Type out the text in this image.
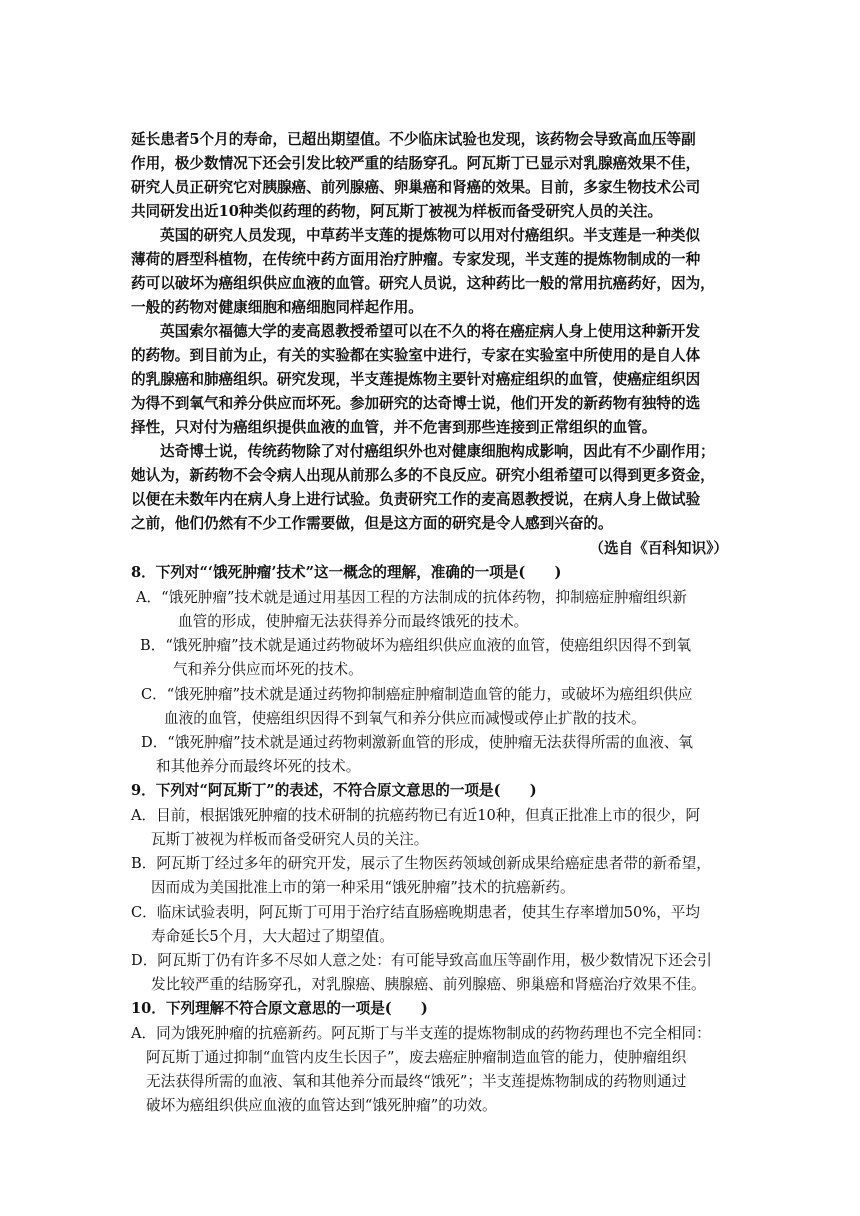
延长患者5个月的寿命，已超出期望值。不少临床试验也发现，该药物会导致高血压等副
作用，极少数情况下还会引发比较严重的结肠穿孔。阿瓦斯丁已显示对乳腺癌效果不佳，
研究人员正研究它对胰腺癌、前列腺癌、卵巢癌和肾癌的效果。目前，多家生物技术公司
共同研发出近10种类似药理的药物，阿瓦斯丁被视为样板而备受研究人员的关注。
英国的研究人员发现，中草药半支莲的提炼物可以用对付癌组织。半支莲是一种类似
薄荷的唇型科植物，在传统中药方面用治疗肿瘤。专家发现，半支莲的提炼物制成的一种
药可以破坏为癌组织供应血液的血管。研究人员说，这种药比一般的常用抗癌药好，因为，
一般的药物对健康细胞和癌细胞同样起作用。
英国索尔福德大学的麦高恩教授希望可以在不久的将在癌症病人身上使用这种新开发
的药物。到目前为止，有关的实验都在实验室中进行，专家在实验室中所使用的是自人体
的乳腺癌和肺癌组织。研究发现，半支莲提炼物主要针对癌症组织的血管，使癌症组织因
为得不到氧气和养分供应而坏死。参加研究的达奇博士说，他们开发的新药物有独特的选
择性，只对付为癌组织提供血液的血管，并不危害到那些连接到正常组织的血管。
达奇博士说，传统药物除了对付癌组织外也对健康细胞构成影响，因此有不少副作用；
她认为，新药物不会令病人出现从前那么多的不良反应。研究小组希望可以得到更多资金，
以便在未数年内在病人身上进行试验。负责研究工作的麦高恩教授说，在病人身上做试验
之前，他们仍然有不少工作需要做，但是这方面的研究是令人感到兴奋的。
（选自《百科知识》）
8．下列对“‘饿死肿瘤’技术”这一概念的理解，准确的一项是(　　)
A．“饿死肿瘤”技术就是通过用基因工程的方法制成的抗体药物，抑制癌症肿瘤组织新
血管的形成，使肿瘤无法获得养分而最终饿死的技术。
B．“饿死肿瘤”技术就是通过药物破坏为癌组织供应血液的血管，使癌组织因得不到氧
气和养分供应而坏死的技术。
C．“饿死肿瘤”技术就是通过药物抑制癌症肿瘤制造血管的能力，或破坏为癌组织供应
血液的血管，使癌组织因得不到氧气和养分供应而减慢或停止扩散的技术。
D．“饿死肿瘤”技术就是通过药物刺激新血管的形成，使肿瘤无法获得所需的血液、氧
和其他养分而最终坏死的技术。
9．下列对“阿瓦斯丁”的表述，不符合原文意思的一项是(　　)
A．目前，根据饿死肿瘤的技术研制的抗癌药物已有近10种，但真正批准上市的很少，阿
瓦斯丁被视为样板而备受研究人员的关注。
B．阿瓦斯丁经过多年的研究开发，展示了生物医药领域创新成果给癌症患者带的新希望，
因而成为美国批准上市的第一种采用“饿死肿瘤”技术的抗癌新药。
C．临床试验表明，阿瓦斯丁可用于治疗结直肠癌晚期患者，使其生存率增加50%，平均
寿命延长5个月，大大超过了期望值。
D．阿瓦斯丁仍有许多不尽如人意之处：有可能导致高血压等副作用，极少数情况下还会引
发比较严重的结肠穿孔，对乳腺癌、胰腺癌、前列腺癌、卵巢癌和肾癌治疗效果不佳。
10．下列理解不符合原文意思的一项是(　　)
A．同为饿死肿瘤的抗癌新药。阿瓦斯丁与半支莲的提炼物制成的药物药理也不完全相同：
阿瓦斯丁通过抑制“血管内皮生长因子”，废去癌症肿瘤制造血管的能力，使肿瘤组织
无法获得所需的血液、氧和其他养分而最终“饿死”；半支莲提炼物制成的药物则通过
破坏为癌组织供应血液的血管达到“饿死肿瘤”的功效。
